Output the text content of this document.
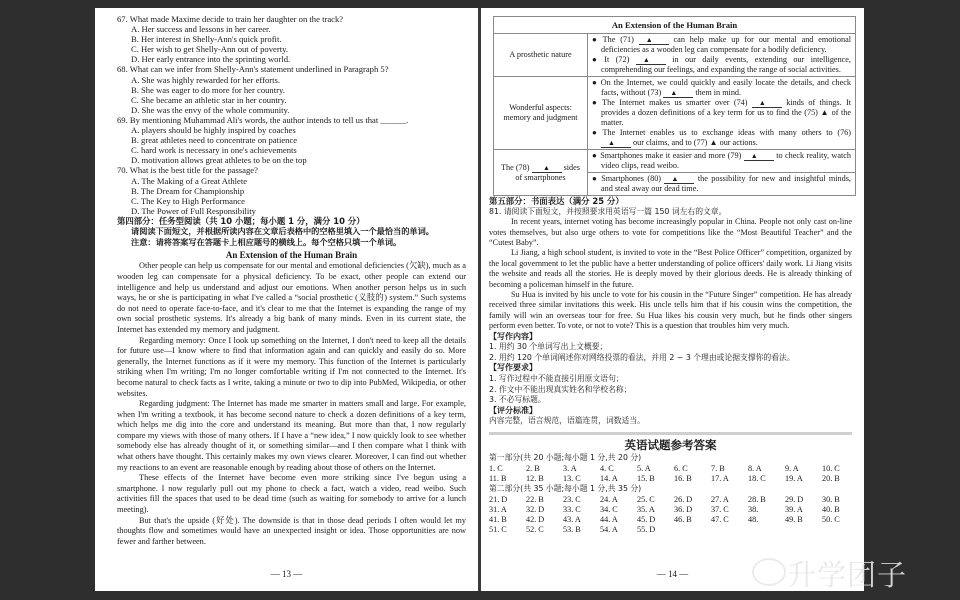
67. What made Maxime decide to train her daughter on the track?
A. Her success and lessons in her career.
B. Her interest in Shelly-Ann's quick profit.
C. Her wish to get Shelly-Ann out of poverty.
D. Her early entrance into the sprinting world.
68. What can we infer from Shelly-Ann's statement underlined in Paragraph 5?
A. She was highly rewarded for her efforts.
B. She was eager to do more for her country.
C. She became an athletic star in her country.
D. She was the envy of the whole community.
69. By mentioning Muhammad Ali's words, the author intends to tell us that ______.
A. players should be highly inspired by coaches
B. great athletes need to concentrate on patience
C. hard work is necessary in one's achievements
D. motivation allows great athletes to be on the top
70. What is the best title for the passage?
A. The Making of a Great Athlete
B. The Dream for Championship
C. The Key to High Performance
D. The Power of Full Responsibility
第四部分：任务型阅读（共 10 小题；每小题 1 分，满分 10 分）
请阅读下面短文，并根据所读内容在文章后表格中的空格里填入一个最恰当的单词。
注意：请将答案写在答题卡上相应题号的横线上。每个空格只填一个单词。
An Extension of the Human Brain

Other people can help us compensate for our mental and emotional deficiencies (欠缺), much as a wooden leg can compensate for a physical deficiency. To be exact, other people can extend our intelligence and help us understand and adjust our emotions. When another person helps us in such ways, he or she is participating in what I've called a “social prosthetic (义肢的) system.” Such systems do not need to operate face-to-face, and it's clear to me that the Internet is expanding the range of my own social prosthetic systems. It's already a big bank of many minds. Even in its current state, the Internet has extended my memory and judgment.

Regarding memory: Once I look up something on the Internet, I don't need to keep all the details for future use—I know where to find that information again and can quickly and easily do so. More generally, the Internet functions as if it were my memory. This function of the Internet is particularly striking when I'm writing; I'm no longer comfortable writing if I'm not connected to the Internet. It's become natural to check facts as I write, taking a minute or two to dip into PubMed, Wikipedia, or other websites.

Regarding judgment: The Internet has made me smarter in matters small and large. For example, when I'm writing a textbook, it has become second nature to check a dozen definitions of a key term, which helps me dig into the core and understand its meaning. But more than that, I now regularly compare my views with those of many others. If I have a “new idea,” I now quickly look to see whether somebody else has already thought of it, or something similar—and I then compare what I think with what others have thought. This certainly makes my own views clearer. Moreover, I can find out whether my reactions to an event are reasonable enough by reading about those of others on the Internet.

These effects of the Internet have become even more striking since I've begun using a smartphone. I now regularly pull out my phone to check a fact, watch a video, read weibo. Such activities fill the spaces that used to be dead time (such as waiting for somebody to arrive for a lunch meeting).

But that's the upside (好处). The downside is that in those dead periods I often would let my thoughts flow and sometimes would have an unexpected insight or idea. Those opportunities are now fewer and farther between.

— 13 —
An Extension of the Human Brain	
A prosthetic nature	● The (71) ▲ can help make up for our mental and emotional deficiencies as a wooden leg can compensate for a bodily deficiency.
● It (72) ▲ in our daily events, extending our intelligence, comprehending our feelings, and expanding the range of social activities.

Wonderful aspects: memory and judgment	● On the Internet, we could quickly and easily locate the details, and check facts, without (73) ▲ them in mind.
● The Internet makes us smarter over (74) ▲ kinds of things. It provides a dozen definitions of a key term for us to find the (75) ▲ of the matter.
● The Internet enables us to exchange ideas with many others to (76) ▲ our claims, and to (77) ▲ our actions.

The (78) ▲ sides of smartphones	● Smartphones make it easier and more (79) ▲ to check reality, watch video clips, read weibo.

	● Smartphones (80) ▲ the possibility for new and insightful minds, and steal away our dead time.
第五部分：书面表达（满分 25 分）
81. 请阅读下面短文，并按照要求用英语写一篇 150 词左右的文章。

In recent years, internet voting has become increasingly popular in China. People not only cast on-line votes themselves, but also urge others to vote for competitions like the “Most Beautiful Teacher” and the “Cutest Baby”.

Li Jiang, a high school student, is invited to vote in the “Best Police Officer” competition, organized by the local government to let the public have a better understanding of police officers' daily work. Li Jiang visits the website and reads all the stories. He is deeply moved by their glorious deeds. He is already thinking of becoming a policeman himself in the future.

Su Hua is invited by his uncle to vote for his cousin in the “Future Singer” competition. He has already received three similar invitations this week. His uncle tells him that if his cousin wins the competition, the family will win an overseas tour for free. Su Hua likes his cousin very much, but he finds other singers perform even better. To vote, or not to vote? This is a question that troubles him very much.

【写作内容】
1. 用约 30 个单词写出上文概要；
2. 用约 120 个单词阐述你对网络投票的看法，并用 2 ~ 3 个理由或论据支撑你的看法。
【写作要求】
1. 写作过程中不能直接引用原文语句；
2. 作文中不能出现真实姓名和学校名称；
3. 不必写标题。
【评分标准】
内容完整，语言规范，语篇连贯，词数适当。
英语试题参考答案
第一部分(共 20 小题;每小题 1 分,共 20 分)
1. C	2. B	3. A	4. C	5. A	6. C	7. B	8. A	9. A	10. C
11. B	12. B	13. C	14. A	15. B	16. B	17. A	18. C	19. A	20. B
第二部分(共 35 小题;每小题 1 分,共 35 分)
21. D	22. B	23. C	24. A	25. C	26. D	27. A	28. B	29. D	30. B
31. A	32. D	33. C	34. C	35. A	36. D	37. C	38.	39. A	40. B
41. B	42. D	43. A	44. A	45. D	46. B	47. C	48.	49. B	50. C
51. C	52. C	53. B	54. A	55. D
— 14 —	升学团子
